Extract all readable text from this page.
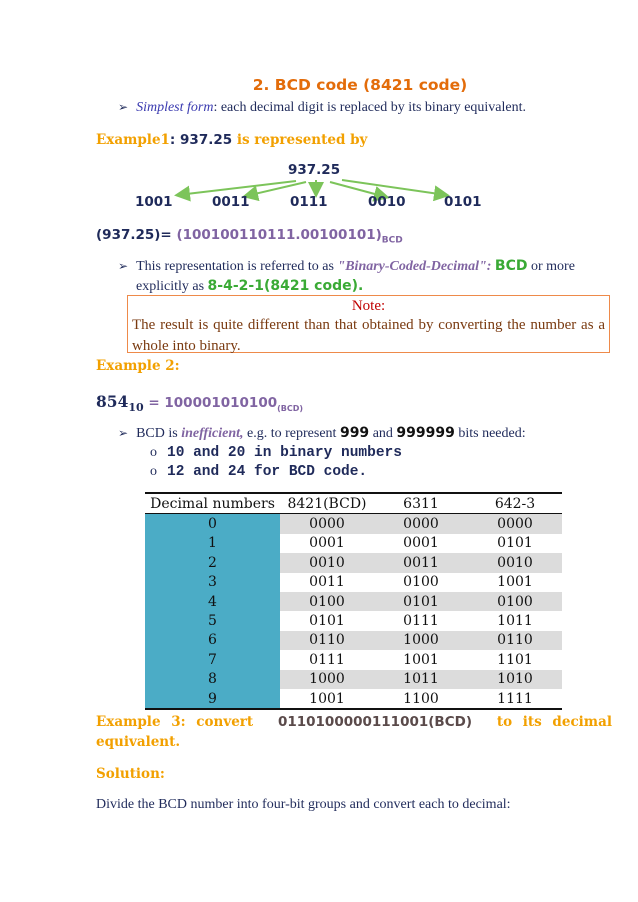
2. BCD code (8421 code)
➢ Simplest form: each decimal digit is replaced by its binary equivalent.
Example1: 937.25 is represented by
937.25
1001	0011	0111	0010	0101
$(937.25)= (100100110111.00100101)_{BCD}$
➢ This representation is referred to as "Binary-Coded-Decimal": BCD or more
explicitly as 8-4-2-1(8421 code).
Note:
The result is quite different than that obtained by converting the number as a whole into binary.
Example 2:
$854_{10} = 100001010100_{(BCD)}$
➢ BCD is inefficient, e.g. to represent 999 and 999999 bits needed:
o 10 and 20 in binary numbers
o 12 and 24 for BCD code.
Decimal numbers	8421(BCD)	6311	642-3
0	0000	0000	0000
1	0001	0001	0101
2	0010	0011	0010
3	0011	0100	1001
4	0100	0101	0100
5	0101	0111	1011
6	0110	1000	0110
7	0111	1001	1101
8	1000	1011	1010
9	1001	1100	1111
Example 3: convert 0110100000111001(BCD) to its decimal
equivalent.
Solution:
Divide the BCD number into four-bit groups and convert each to decimal:
